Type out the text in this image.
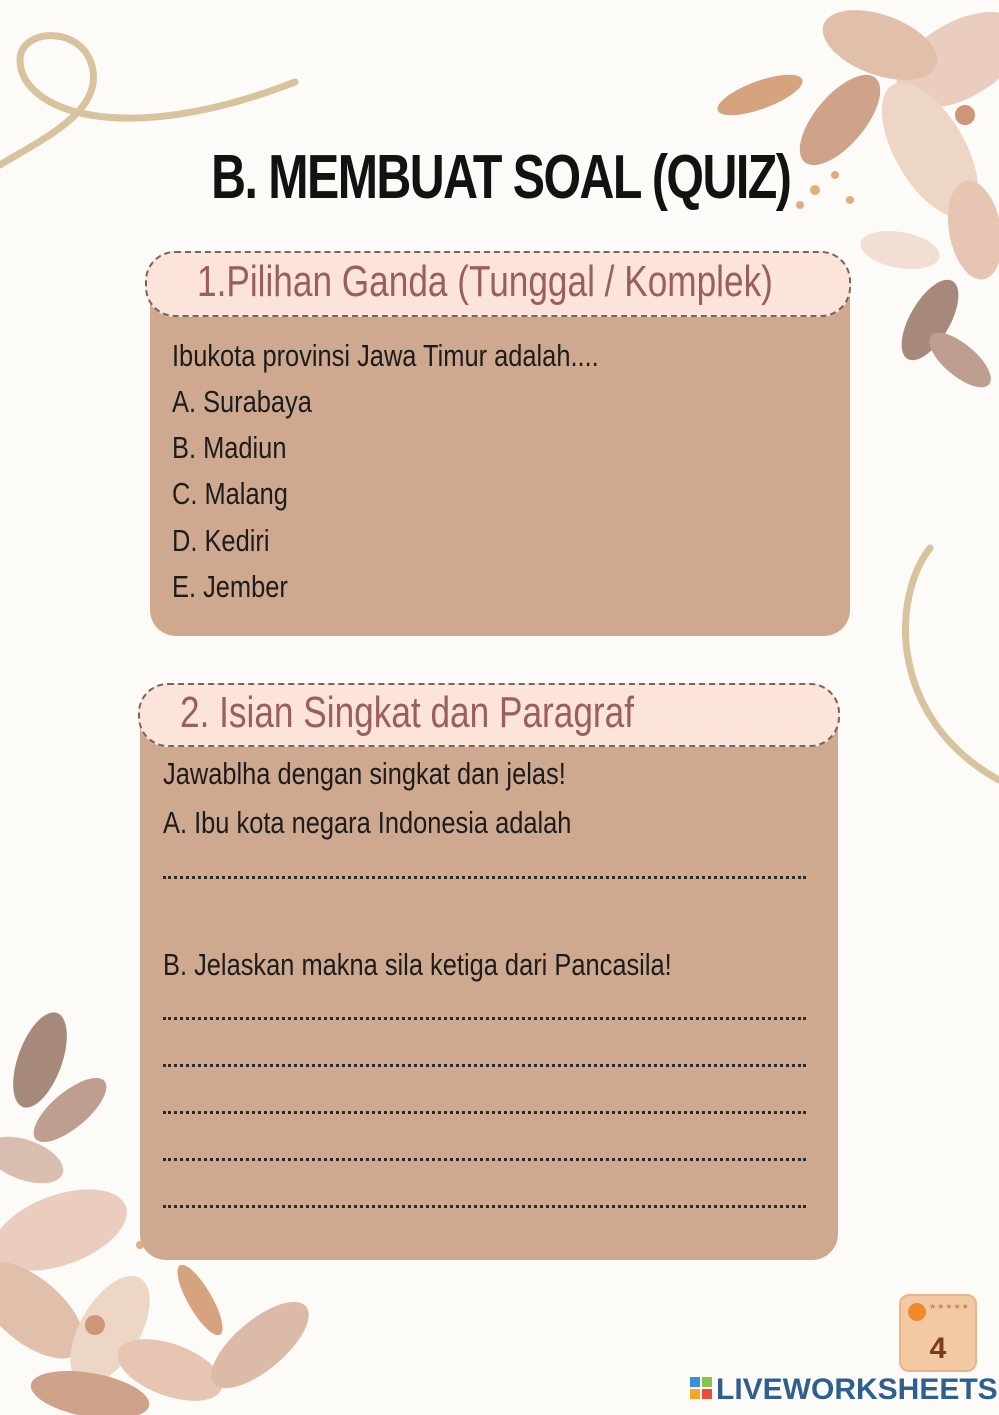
B. MEMBUAT SOAL (QUIZ)
1.Pilihan Ganda (Tunggal / Komplek)
Ibukota provinsi Jawa Timur adalah....
A. Surabaya
B. Madiun
C. Malang
D. Kediri
E. Jember
2. Isian Singkat dan Paragraf
Jawablha dengan singkat dan jelas!
A. Ibu kota negara Indonesia adalah
B. Jelaskan makna sila ketiga dari Pancasila!
★★★★★
4
LIVEWORKSHEETS
